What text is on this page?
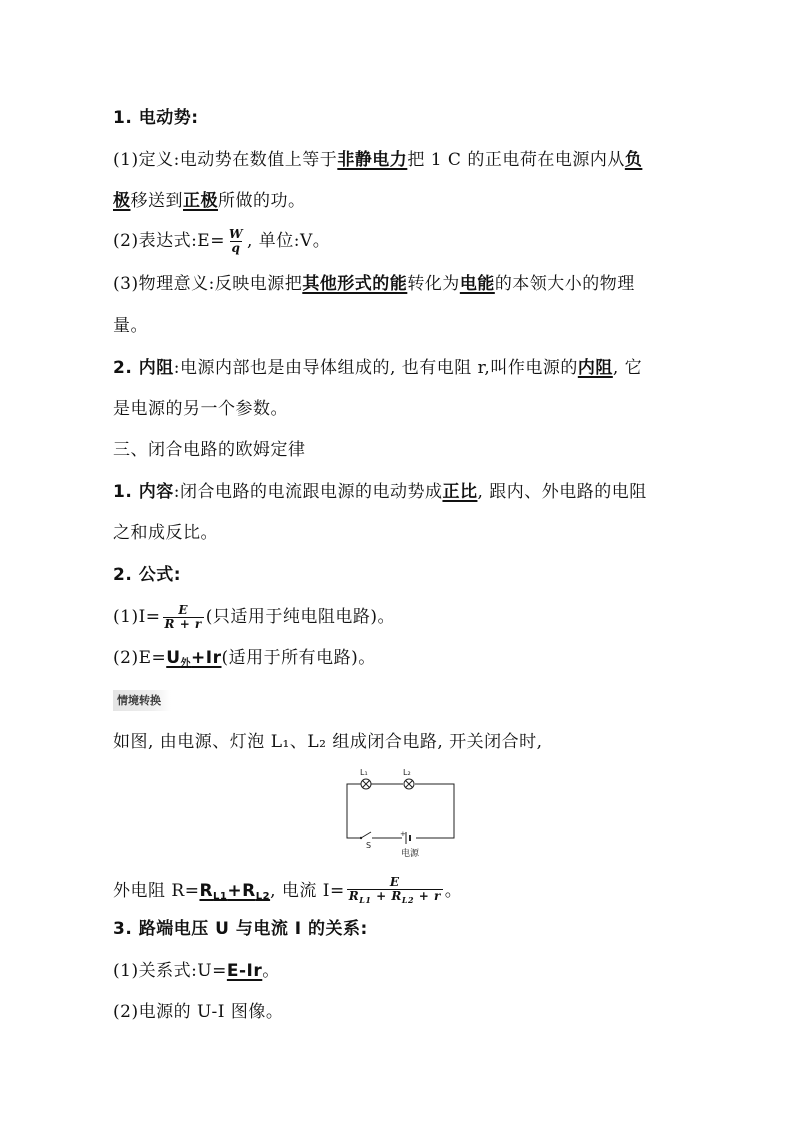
1. 电动势:
(1)定义:电动势在数值上等于非静电力把 1 C 的正电荷在电源内从负
极移送到正极所做的功。
(2)表达式:E= $\frac{W}{q}$ , 单位:V。
(3)物理意义:反映电源把其他形式的能转化为电能的本领大小的物理
量。
2. 内阻:电源内部也是由导体组成的, 也有电阻 r,叫作电源的内阻, 它
是电源的另一个参数。
三、闭合电路的欧姆定律
1. 内容:闭合电路的电流跟电源的电动势成正比, 跟内、外电路的电阻
之和成反比。
2. 公式:
$(1)I= \frac{E}{R + r}$ (只适用于纯电阻电路)。
$(2)E=U_外+Ir$(适用于所有电路)。
情境转换
如图, 由电源、灯泡 L₁、L₂ 组成闭合电路, 开关闭合时,
L₁	L₂
S
+
电源
外电阻 $R=R_{L1}+R_{L2}$, 电流 $I= \frac{E}{R_{L1} + R_{L2} + r}$ 。
3. 路端电压 U 与电流 I 的关系:
(1)关系式:U=E-Ir。
(2)电源的 U-I 图像。
